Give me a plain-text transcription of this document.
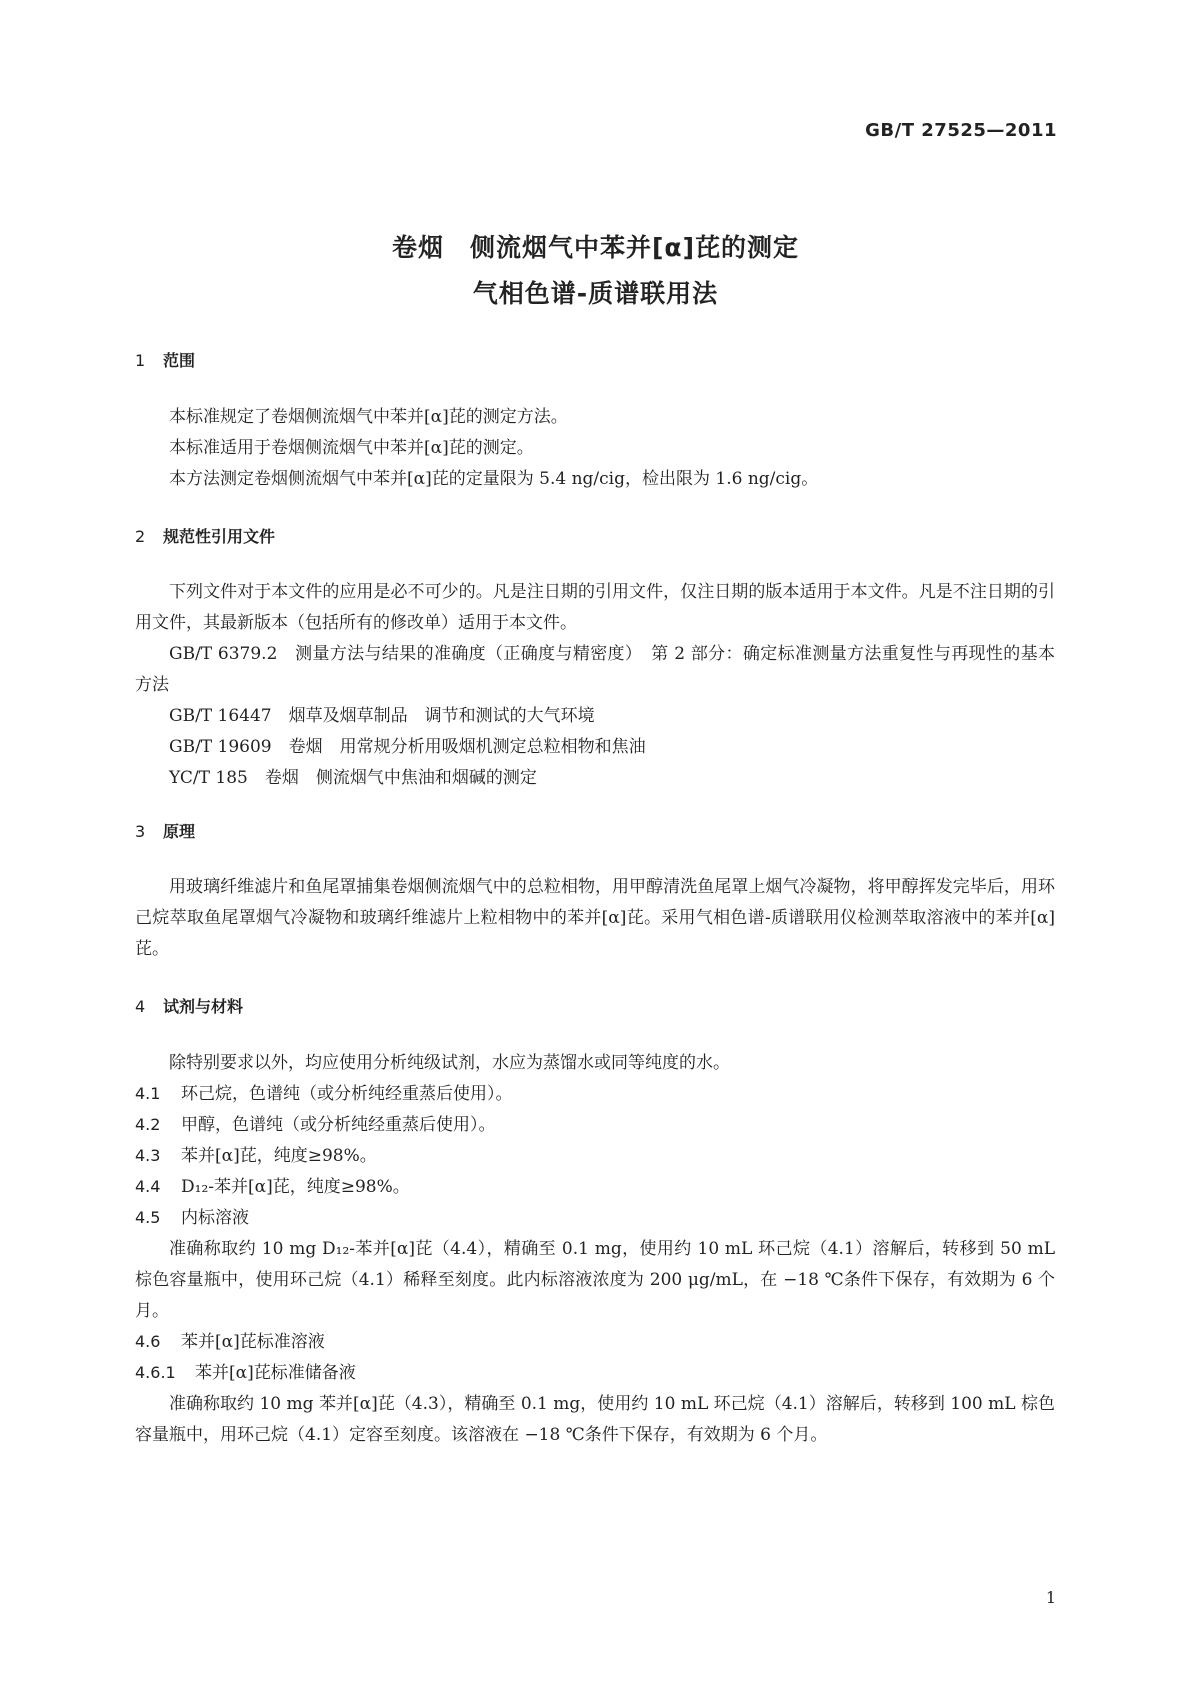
GB/T 27525—2011
卷烟　侧流烟气中苯并[α]芘的测定
气相色谱-质谱联用法
1 范围
本标准规定了卷烟侧流烟气中苯并[α]芘的测定方法。
本标准适用于卷烟侧流烟气中苯并[α]芘的测定。
本方法测定卷烟侧流烟气中苯并[α]芘的定量限为 5.4 ng/cig，检出限为 1.6 ng/cig。
2 规范性引用文件

下列文件对于本文件的应用是必不可少的。凡是注日期的引用文件，仅注日期的版本适用于本文件。凡是不注日期的引用文件，其最新版本（包括所有的修改单）适用于本文件。

GB/T 6379.2　测量方法与结果的准确度（正确度与精密度）　第 2 部分：确定标准测量方法重复性与再现性的基本方法

GB/T 16447　烟草及烟草制品　调节和测试的大气环境
GB/T 19609　卷烟　用常规分析用吸烟机测定总粒相物和焦油
YC/T 185　卷烟　侧流烟气中焦油和烟碱的测定
3 原理

用玻璃纤维滤片和鱼尾罩捕集卷烟侧流烟气中的总粒相物，用甲醇清洗鱼尾罩上烟气冷凝物，将甲醇挥发完毕后，用环己烷萃取鱼尾罩烟气冷凝物和玻璃纤维滤片上粒相物中的苯并[α]芘。采用气相色谱-质谱联用仪检测萃取溶液中的苯并[α]芘。

4 试剂与材料
除特别要求以外，均应使用分析纯级试剂，水应为蒸馏水或同等纯度的水。
4.1 环己烷，色谱纯（或分析纯经重蒸后使用）。
4.2 甲醇，色谱纯（或分析纯经重蒸后使用）。
4.3 苯并[α]芘，纯度≥98%。
4.4 D₁₂-苯并[α]芘，纯度≥98%。
4.5 内标溶液

准确称取约 10 mg D₁₂-苯并[α]芘（4.4），精确至 0.1 mg，使用约 10 mL 环己烷（4.1）溶解后，转移到 50 mL 棕色容量瓶中，使用环己烷（4.1）稀释至刻度。此内标溶液浓度为 200 μg/mL，在 −18 ℃条件下保存，有效期为 6 个月。

4.6 苯并[α]芘标准溶液
4.6.1 苯并[α]芘标准储备液

准确称取约 10 mg 苯并[α]芘（4.3），精确至 0.1 mg，使用约 10 mL 环己烷（4.1）溶解后，转移到 100 mL 棕色容量瓶中，用环己烷（4.1）定容至刻度。该溶液在 −18 ℃条件下保存，有效期为 6 个月。

1
